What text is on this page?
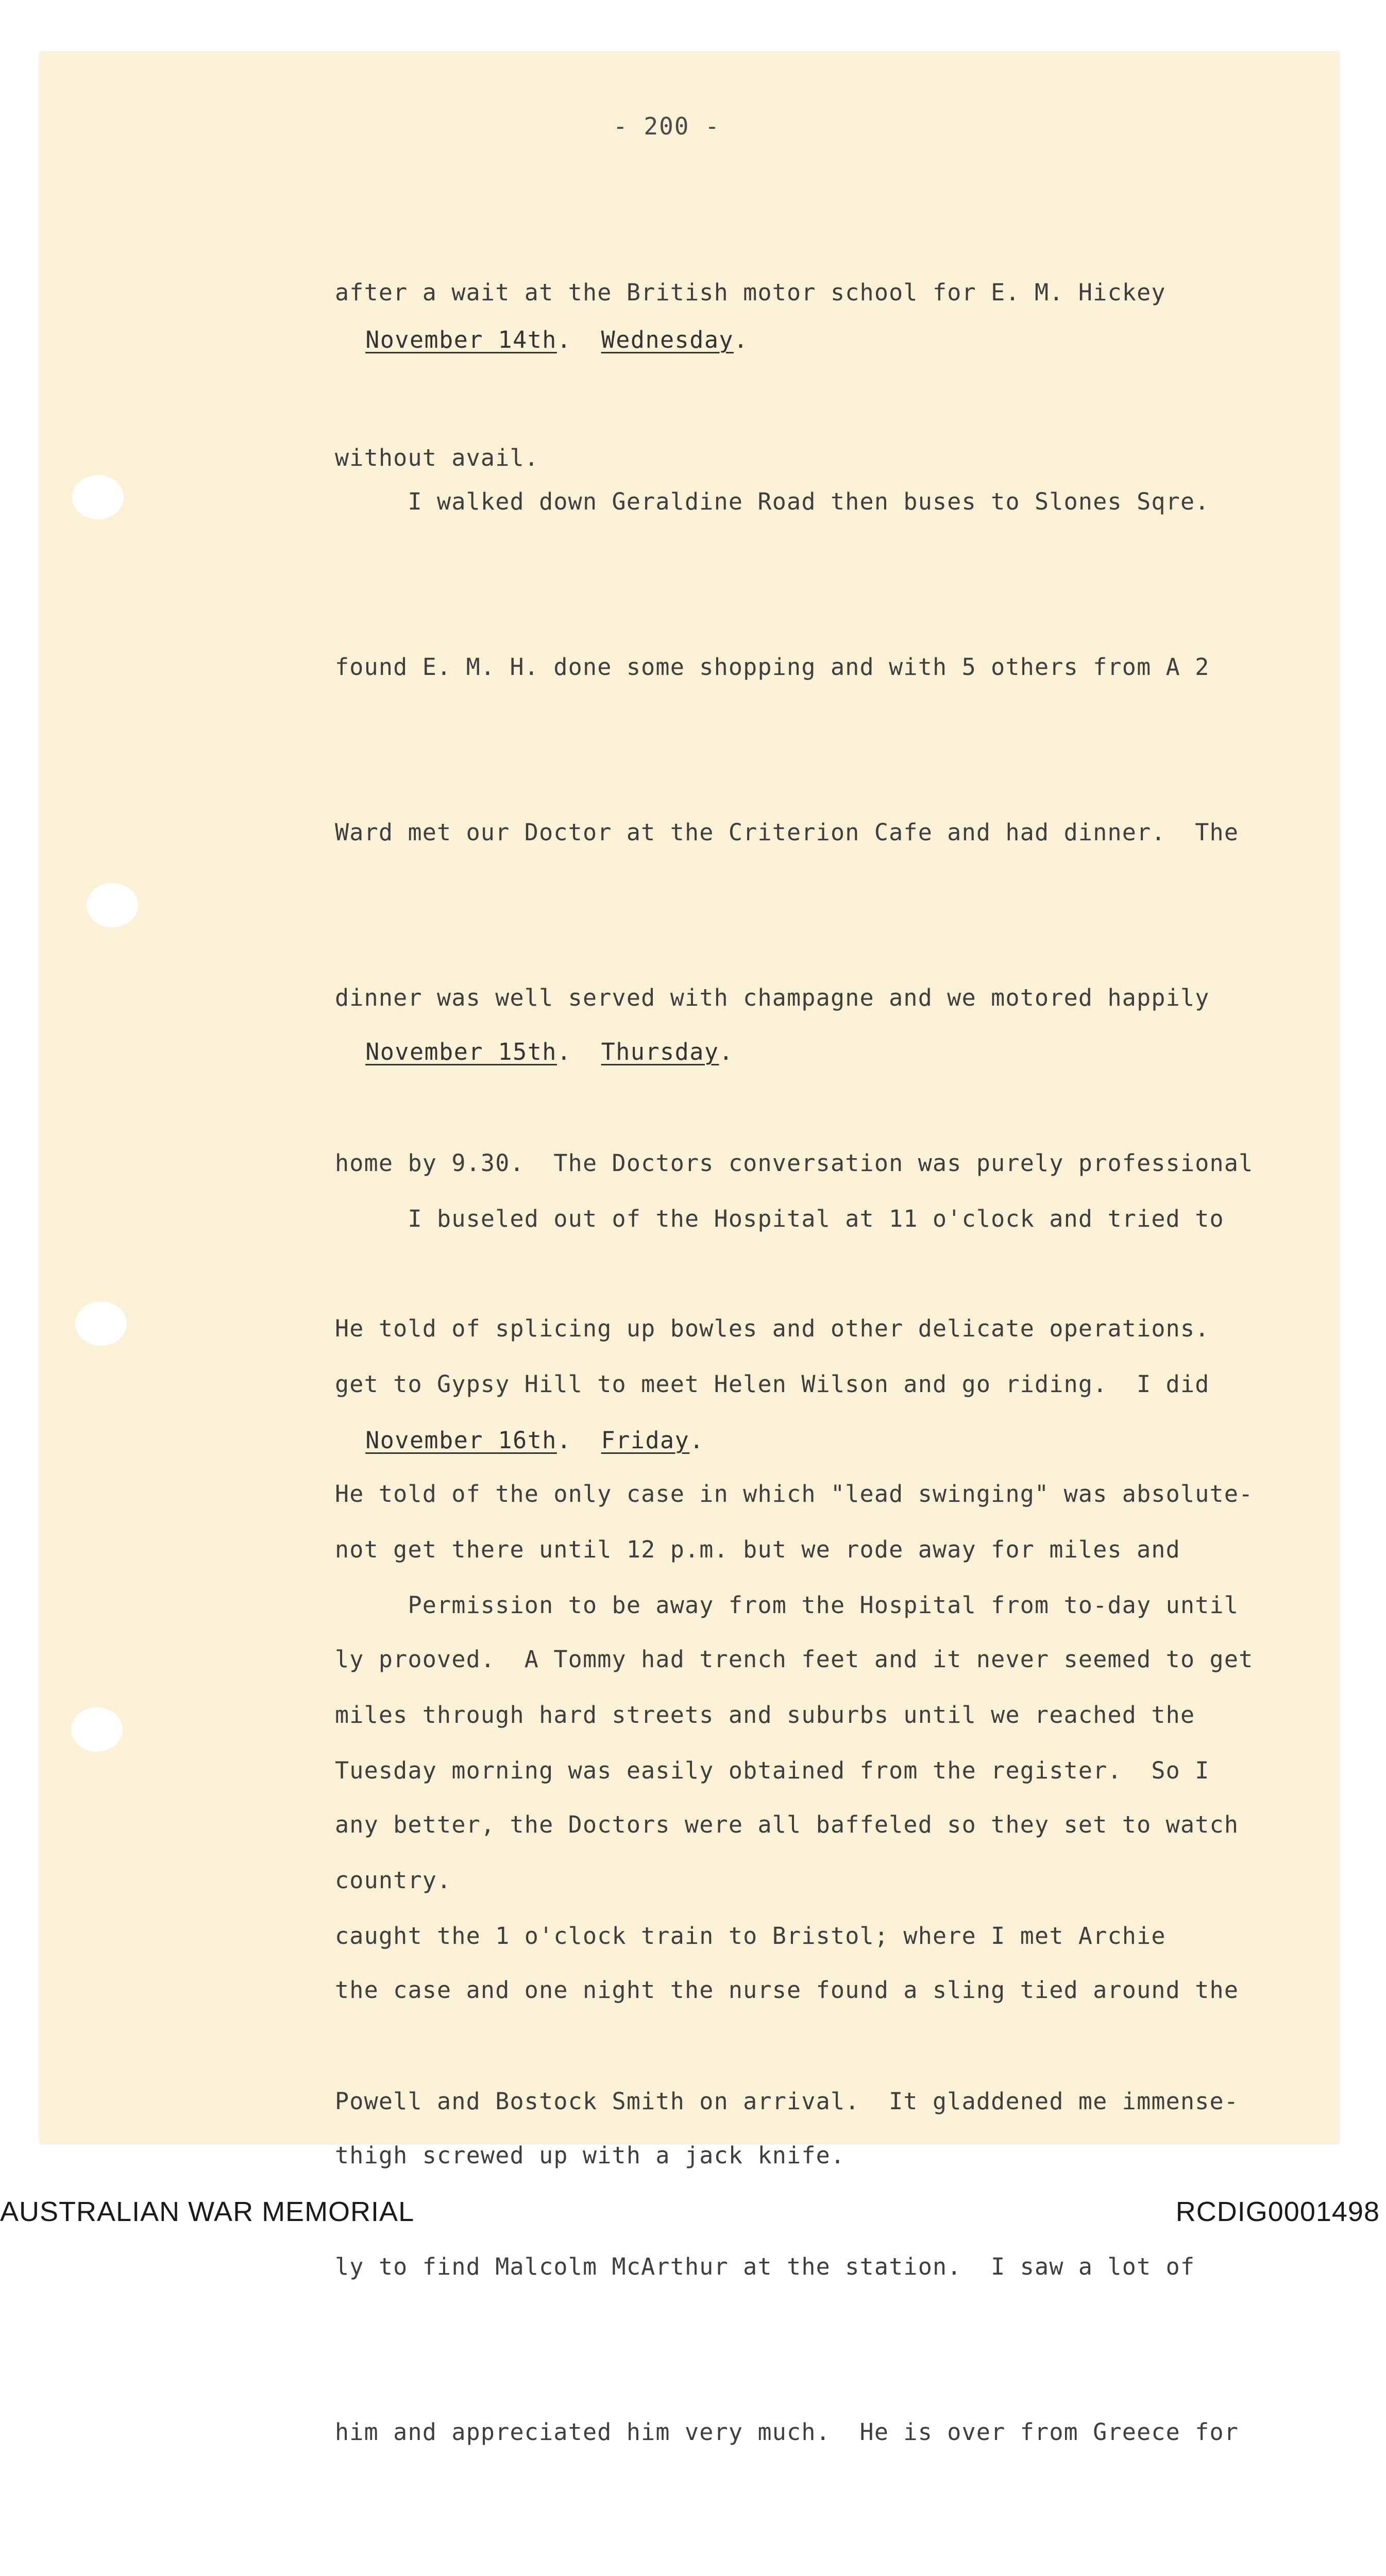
- 200 -

after a wait at the British motor school for E. M. Hickey

without avail.

November 14th.  Wednesday.

I walked down Geraldine Road then buses to Slones Sqre.

found E. M. H. done some shopping and with 5 others from A 2

Ward met our Doctor at the Criterion Cafe and had dinner.  The

dinner was well served with champagne and we motored happily

home by 9.30.  The Doctors conversation was purely professional

He told of splicing up bowles and other delicate operations.

He told of the only case in which "lead swinging" was absolute-

ly prooved.  A Tommy had trench feet and it never seemed to get

any better, the Doctors were all baffeled so they set to watch

the case and one night the nurse found a sling tied around the

thigh screwed up with a jack knife.

November 15th.  Thursday.

I buseled out of the Hospital at 11 o'clock and tried to

get to Gypsy Hill to meet Helen Wilson and go riding.  I did

not get there until 12 p.m. but we rode away for miles and

miles through hard streets and suburbs until we reached the

country.

November 16th.  Friday.

Permission to be away from the Hospital from to-day until

Tuesday morning was easily obtained from the register.  So I

caught the 1 o'clock train to Bristol; where I met Archie

Powell and Bostock Smith on arrival.  It gladdened me immense-

ly to find Malcolm McArthur at the station.  I saw a lot of

him and appreciated him very much.  He is over from Greece for

AUSTRALIAN WAR MEMORIAL	RCDIG0001498
